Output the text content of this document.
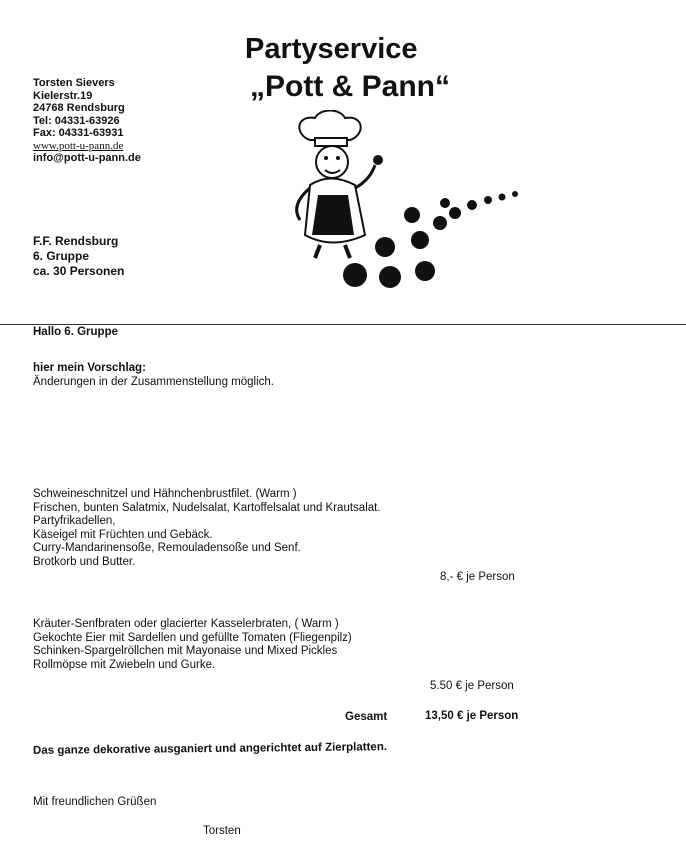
Partyservice
„Pott & Pann“
Torsten Sievers
Kielerstr.19
24768 Rendsburg
Tel: 04331-63926
Fax: 04331-63931
www.pott-u-pann.de
info@pott-u-pann.de
F.F. Rendsburg
6. Gruppe
ca. 30 Personen
Hallo 6. Gruppe
hier mein Vorschlag:
Änderungen in der Zusammenstellung möglich.
Schweineschnitzel und Hähnchenbrustfilet. (Warm )
Frischen, bunten Salatmix, Nudelsalat, Kartoffelsalat und Krautsalat.
Partyfrikadellen,
Käseigel mit Früchten und Gebäck.
Curry-Mandarinensoße, Remouladensoße und Senf.
Brotkorb und Butter.
8,- € je Person
Kräuter-Senfbraten oder glacierter Kasselerbraten, ( Warm )
Gekochte Eier mit Sardellen und gefüllte Tomaten (Fliegenpilz)
Schinken-Spargelröllchen mit Mayonaise und Mixed Pickles
Rollmöpse mit Zwiebeln und Gurke.
5.50 € je Person
Gesamt	13,50 € je Person
Das ganze dekorative ausganiert und angerichtet auf Zierplatten.
Mit freundlichen Grüßen
Torsten
